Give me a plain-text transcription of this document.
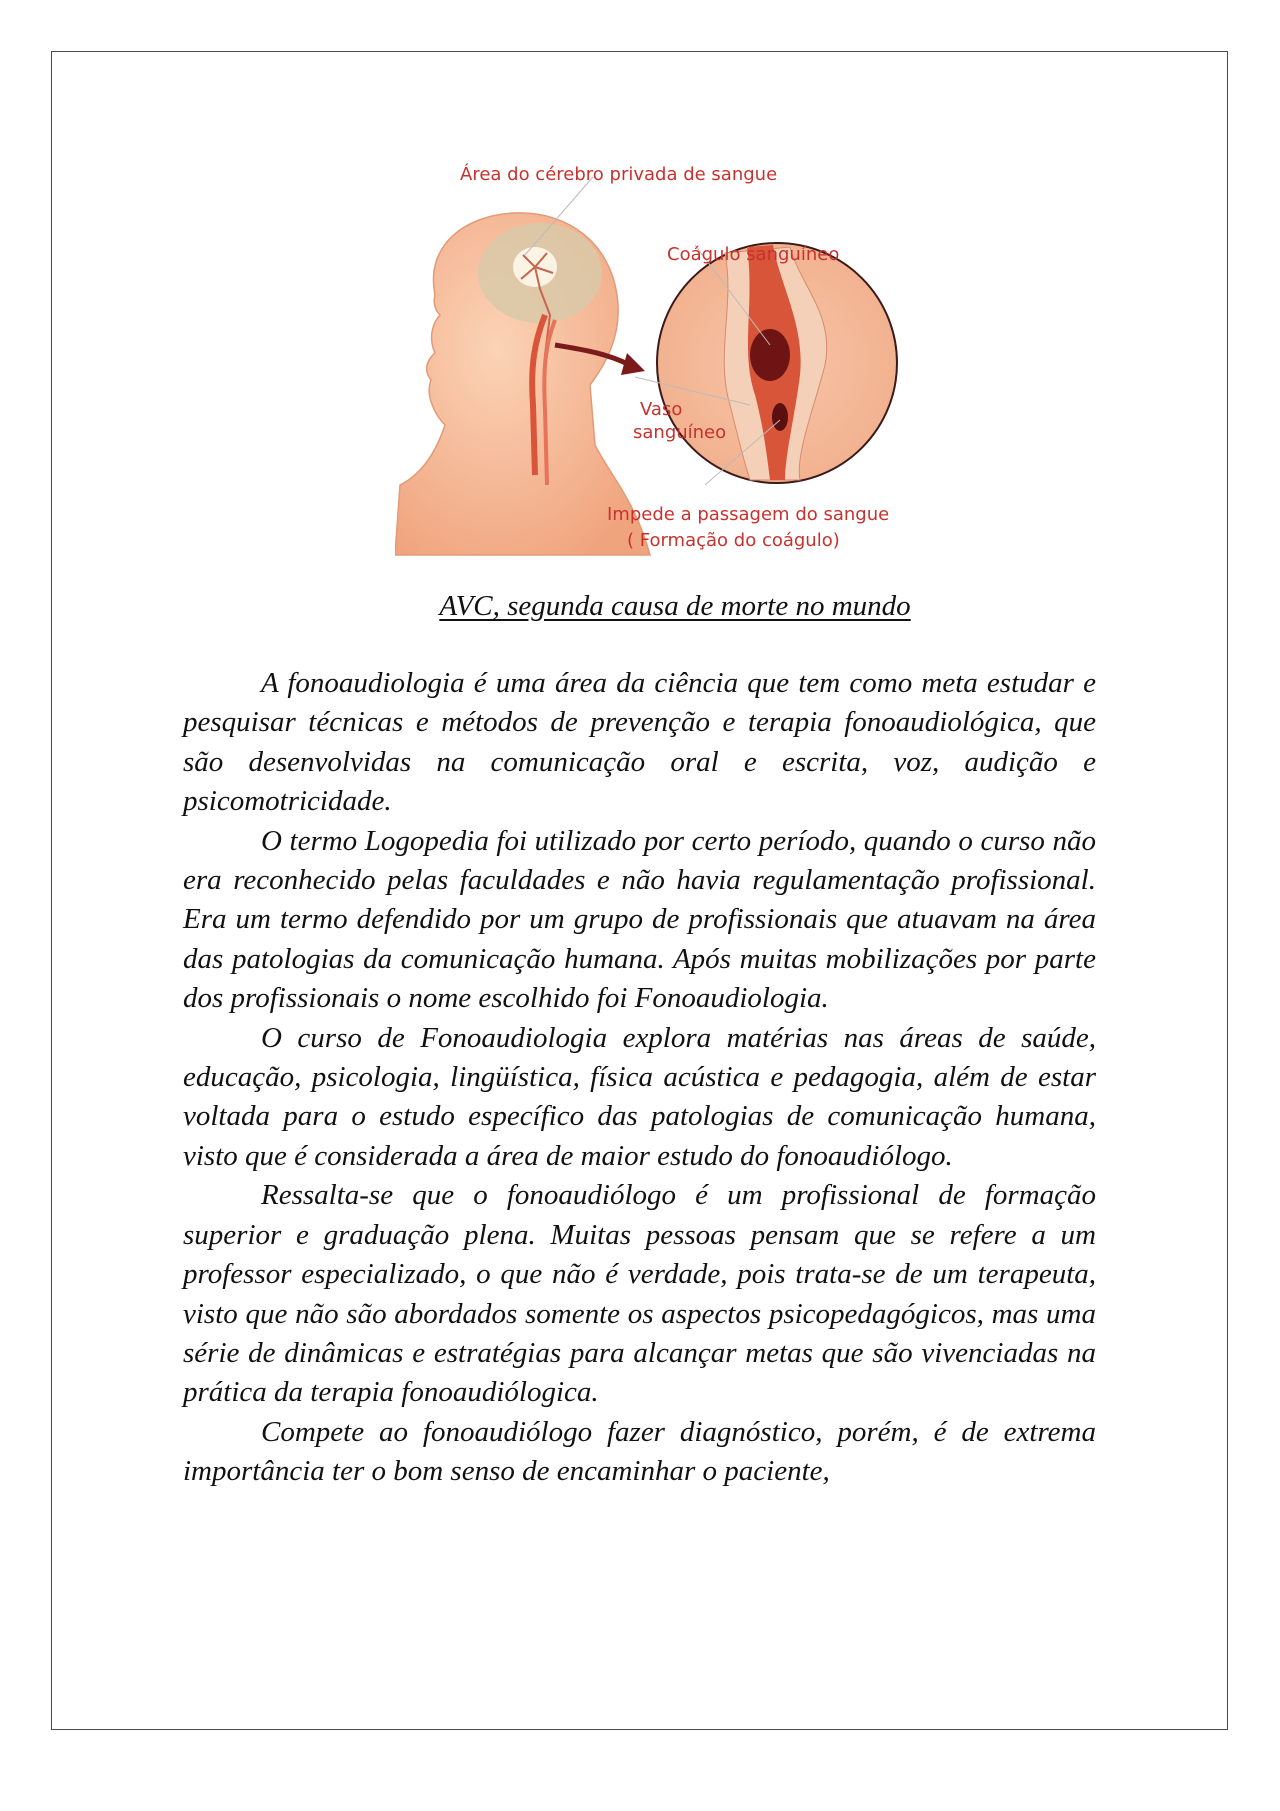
Área do cérebro privada de sangue
Coágulo sanguíneo
Vaso
sanguíneo
Impede a passagem do sangue
( Formação do coágulo)
AVC, segunda causa de morte no mundo

A fonoaudiologia é uma área da ciência que tem como meta estudar e pesquisar técnicas e métodos de prevenção e terapia fonoaudiológica, que são desenvolvidas na comunicação oral e escrita, voz, audição e psicomotricidade.

O termo Logopedia foi utilizado por certo período, quando o curso não era reconhecido pelas faculdades e não havia regulamentação profissional. Era um termo defendido por um grupo de profissionais que atuavam na área das patologias da comunicação humana. Após muitas mobilizações por parte dos profissionais o nome escolhido foi Fonoaudiologia.

O curso de Fonoaudiologia explora matérias nas áreas de saúde, educação, psicologia, lingüística, física acústica e pedagogia, além de estar voltada para o estudo específico das patologias de comunicação humana, visto que é considerada a área de maior estudo do fonoaudiólogo.

Ressalta-se que o fonoaudiólogo é um profissional de formação superior e graduação plena. Muitas pessoas pensam que se refere a um professor especializado, o que não é verdade, pois trata-se de um terapeuta, visto que não são abordados somente os aspectos psicopedagógicos, mas uma série de dinâmicas e estratégias para alcançar metas que são vivenciadas na prática da terapia fonoaudiólogica.

Compete ao fonoaudiólogo fazer diagnóstico, porém, é de extrema importância ter o bom senso de encaminhar o paciente,
